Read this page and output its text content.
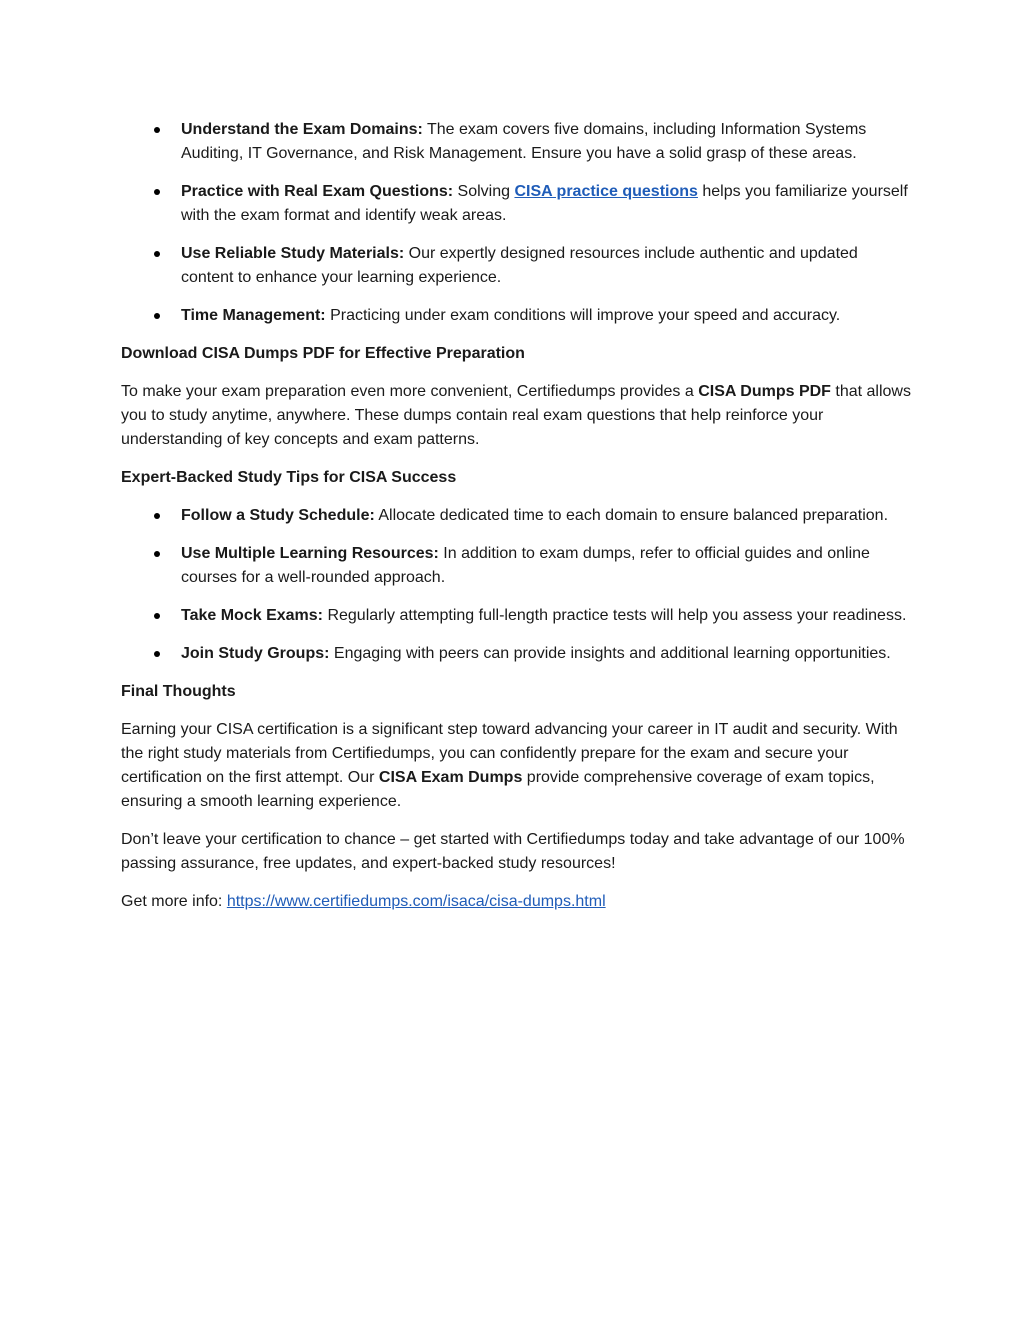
Understand the Exam Domains: The exam covers five domains, including Information Systems Auditing, IT Governance, and Risk Management. Ensure you have a solid grasp of these areas.
Practice with Real Exam Questions: Solving CISA practice questions helps you familiarize yourself with the exam format and identify weak areas.
Use Reliable Study Materials: Our expertly designed resources include authentic and updated content to enhance your learning experience.
Time Management: Practicing under exam conditions will improve your speed and accuracy.
Download CISA Dumps PDF for Effective Preparation

To make your exam preparation even more convenient, Certifiedumps provides a CISA Dumps PDF that allows you to study anytime, anywhere. These dumps contain real exam questions that help reinforce your understanding of key concepts and exam patterns.

Expert-Backed Study Tips for CISA Success
Follow a Study Schedule: Allocate dedicated time to each domain to ensure balanced preparation.
Use Multiple Learning Resources: In addition to exam dumps, refer to official guides and online courses for a well-rounded approach.
Take Mock Exams: Regularly attempting full-length practice tests will help you assess your readiness.
Join Study Groups: Engaging with peers can provide insights and additional learning opportunities.
Final Thoughts

Earning your CISA certification is a significant step toward advancing your career in IT audit and security. With the right study materials from Certifiedumps, you can confidently prepare for the exam and secure your certification on the first attempt. Our CISA Exam Dumps provide comprehensive coverage of exam topics, ensuring a smooth learning experience.

Don’t leave your certification to chance – get started with Certifiedumps today and take advantage of our 100% passing assurance, free updates, and expert-backed study resources!

Get more info: https://www.certifiedumps.com/isaca/cisa-dumps.html
